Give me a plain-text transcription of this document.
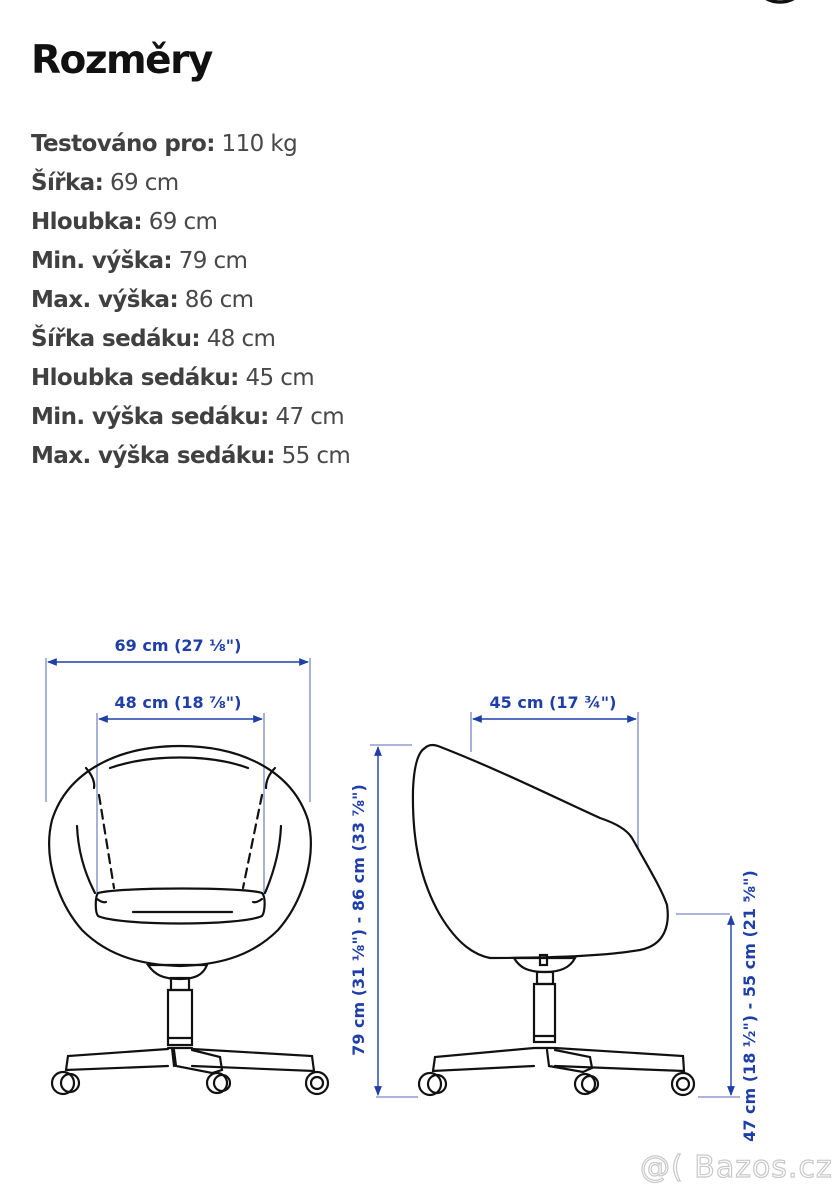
Rozměry
Testováno pro: 110 kg
Šířka: 69 cm
Hloubka: 69 cm
Min. výška: 79 cm
Max. výška: 86 cm
Šířka sedáku: 48 cm
Hloubka sedáku: 45 cm
Min. výška sedáku: 47 cm
Max. výška sedáku: 55 cm
69 cm (27 ⅛")
48 cm (18 ⅞")	45 cm (17 ¾")
79 cm (31 ⅛") - 86 cm (33 ⅞")	47 cm (18 ½") - 55 cm (21 ⅝")
@( Bazos.cz
